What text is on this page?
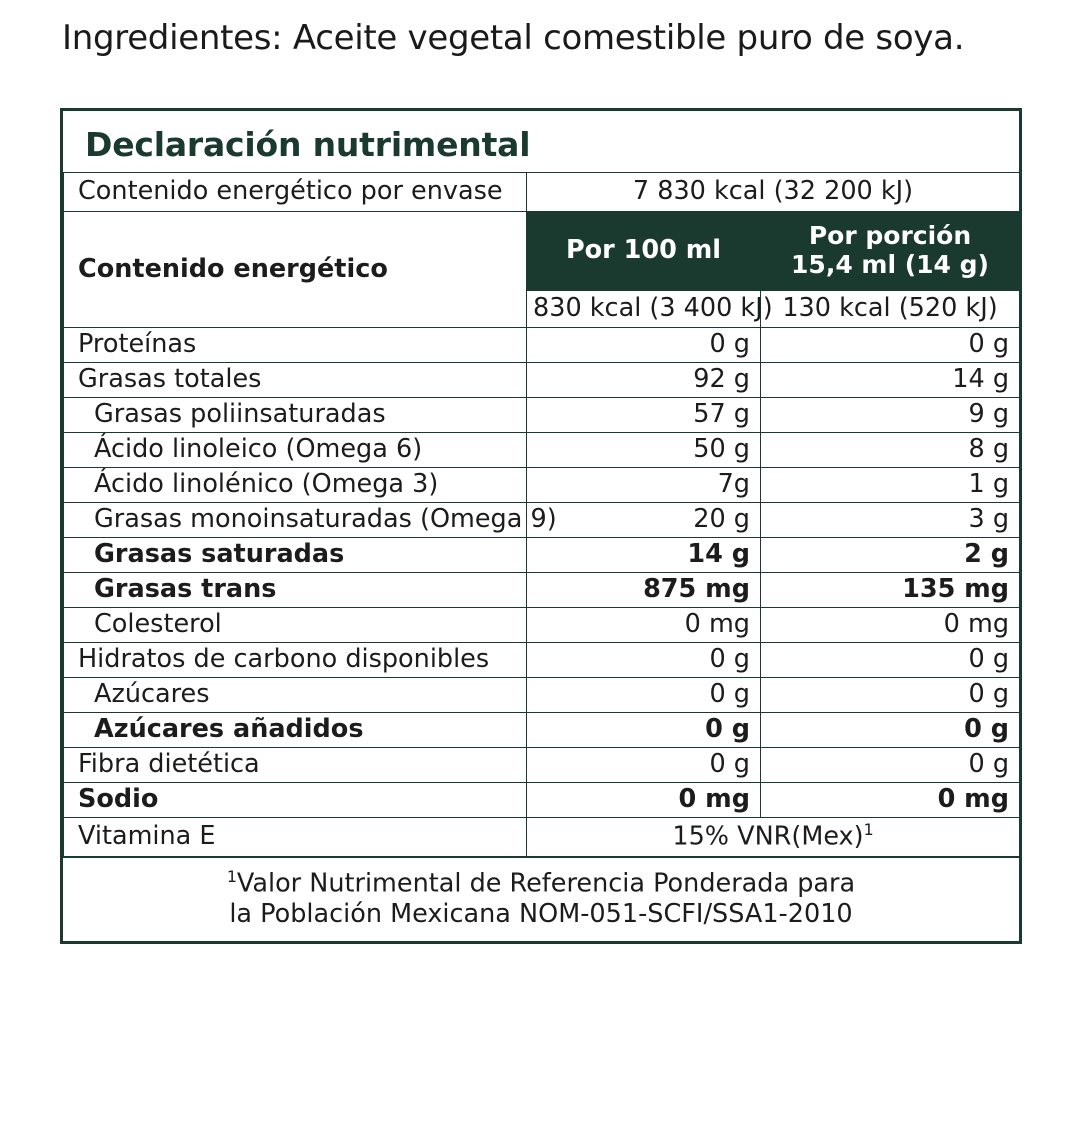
Ingredientes: Aceite vegetal comestible puro de soya.
Declaración nutrimental
Contenido energético por envase	7 830 kcal (32 200 kJ)	
Contenido energético	Por 100 ml	Por porción
15,4 ml (14 g)
	830 kcal (3 400 kJ)	130 kcal (520 kJ)
Proteínas	0 g	0 g
Grasas totales	92 g	14 g
Grasas poliinsaturadas	57 g	9 g
Ácido linoleico (Omega 6)	50 g	8 g
Ácido linolénico (Omega 3)	7g	1 g
Grasas monoinsaturadas (Omega 9)	20 g	3 g
Grasas saturadas	14 g	2 g
Grasas trans	875 mg	135 mg
Colesterol	0 mg	0 mg
Hidratos de carbono disponibles	0 g	0 g
Azúcares	0 g	0 g
Azúcares añadidos	0 g	0 g
Fibra dietética	0 g	0 g
Sodio	0 mg	0 mg
Vitamina E	15% VNR(Mex)$^1$
$^1$Valor Nutrimental de Referencia Ponderada para
la Población Mexicana NOM-051-SCFI/SSA1-2010
